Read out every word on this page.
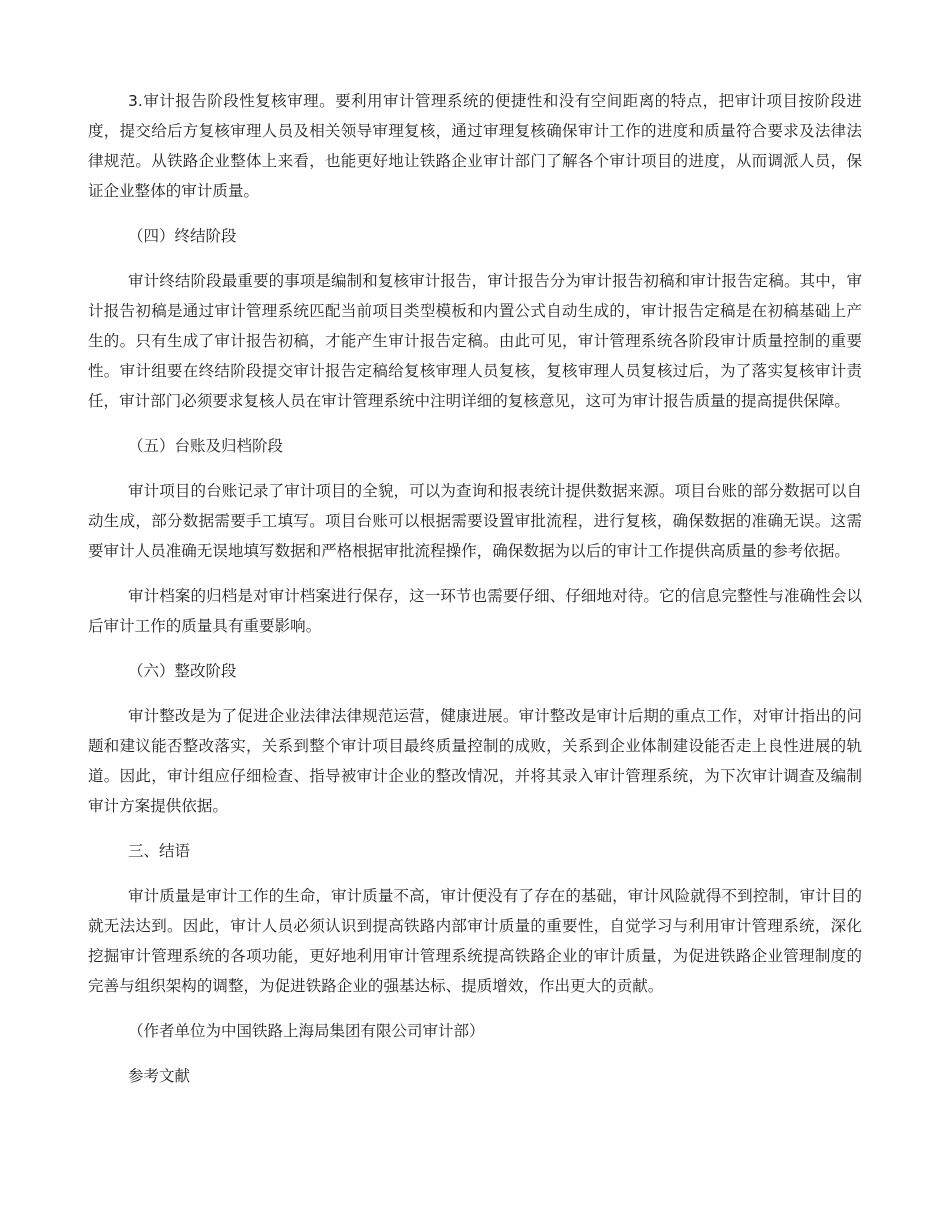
3.审计报告阶段性复核审理。要利用审计管理系统的便捷性和没有空间距离的特点，把审计项目按阶段进度，提交给后方复核审理人员及相关领导审理复核，通过审理复核确保审计工作的进度和质量符合要求及法律法律规范。从铁路企业整体上来看，也能更好地让铁路企业审计部门了解各个审计项目的进度，从而调派人员，保证企业整体的审计质量。

（四）终结阶段

审计终结阶段最重要的事项是编制和复核审计报告，审计报告分为审计报告初稿和审计报告定稿。其中，审计报告初稿是通过审计管理系统匹配当前项目类型模板和内置公式自动生成的，审计报告定稿是在初稿基础上产生的。只有生成了审计报告初稿，才能产生审计报告定稿。由此可见，审计管理系统各阶段审计质量控制的重要性。审计组要在终结阶段提交审计报告定稿给复核审理人员复核，复核审理人员复核过后，为了落实复核审计责任，审计部门必须要求复核人员在审计管理系统中注明详细的复核意见，这可为审计报告质量的提高提供保障。

（五）台账及归档阶段

审计项目的台账记录了审计项目的全貌，可以为查询和报表统计提供数据来源。项目台账的部分数据可以自动生成，部分数据需要手工填写。项目台账可以根据需要设置审批流程，进行复核，确保数据的准确无误。这需要审计人员准确无误地填写数据和严格根据审批流程操作，确保数据为以后的审计工作提供高质量的参考依据。

审计档案的归档是对审计档案进行保存，这一环节也需要仔细、仔细地对待。它的信息完整性与准确性会以后审计工作的质量具有重要影响。

（六）整改阶段

审计整改是为了促进企业法律法律规范运营，健康进展。审计整改是审计后期的重点工作，对审计指出的问题和建议能否整改落实，关系到整个审计项目最终质量控制的成败，关系到企业体制建设能否走上良性进展的轨道。因此，审计组应仔细检查、指导被审计企业的整改情况，并将其录入审计管理系统，为下次审计调查及编制审计方案提供依据。

三、结语

审计质量是审计工作的生命，审计质量不高，审计便没有了存在的基础，审计风险就得不到控制，审计目的就无法达到。因此，审计人员必须认识到提高铁路内部审计质量的重要性，自觉学习与利用审计管理系统，深化挖掘审计管理系统的各项功能，更好地利用审计管理系统提高铁路企业的审计质量，为促进铁路企业管理制度的完善与组织架构的调整，为促进铁路企业的强基达标、提质增效，作出更大的贡献。

（作者单位为中国铁路上海局集团有限公司审计部）

参考文献
